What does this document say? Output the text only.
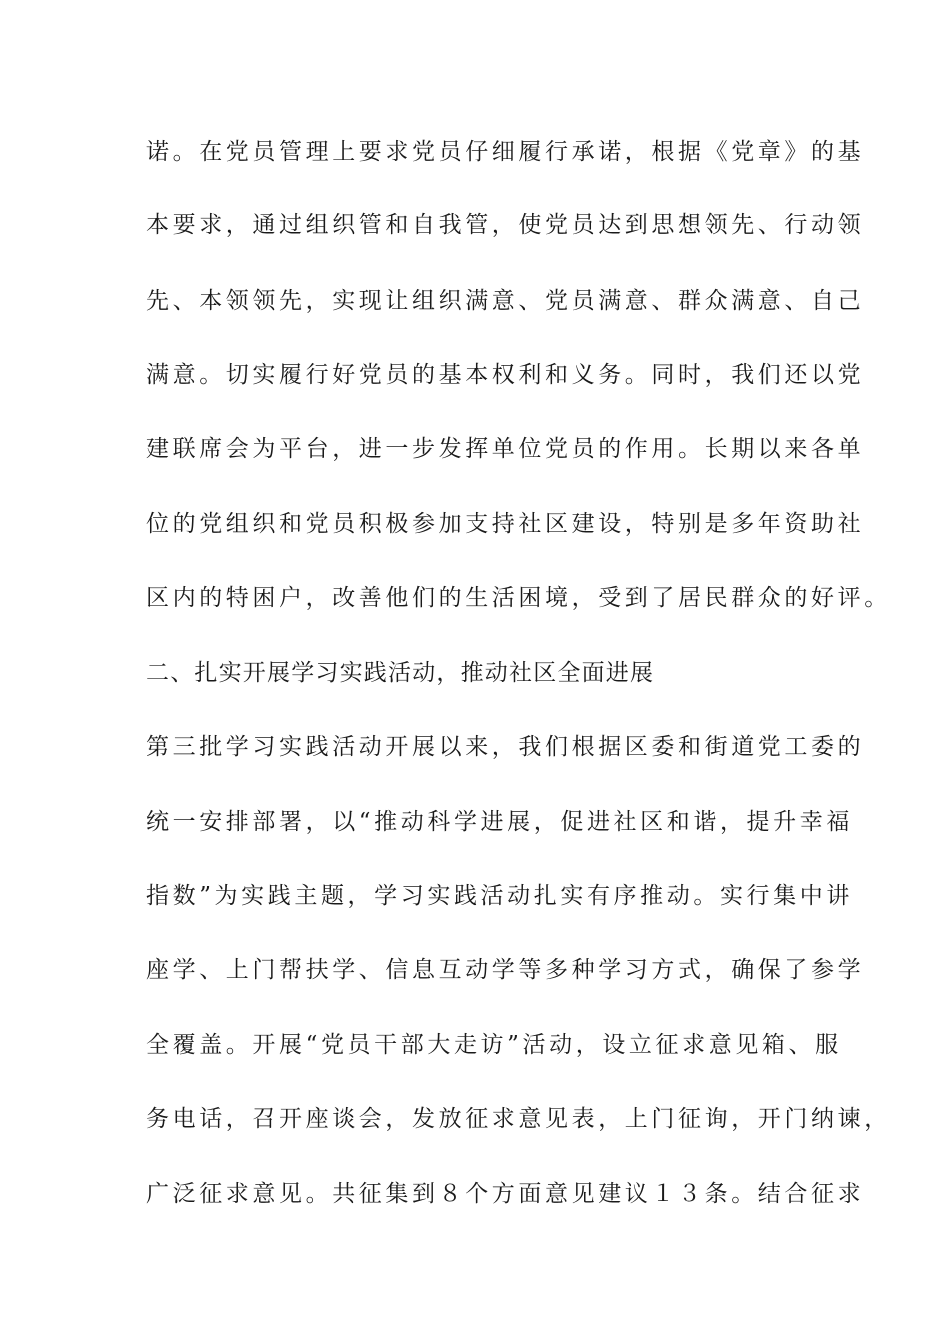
诺。在党员管理上要求党员仔细履行承诺，根据《党章》的基
本要求，通过组织管和自我管，使党员达到思想领先、行动领
先、本领领先，实现让组织满意、党员满意、群众满意、自己
满意。切实履行好党员的基本权利和义务。同时，我们还以党
建联席会为平台，进一步发挥单位党员的作用。长期以来各单
位的党组织和党员积极参加支持社区建设，特别是多年资助社
区内的特困户，改善他们的生活困境，受到了居民群众的好评。
二、扎实开展学习实践活动，推动社区全面进展
第三批学习实践活动开展以来，我们根据区委和街道党工委的
统一安排部署，以“推动科学进展，促进社区和谐，提升幸福
指数”为实践主题，学习实践活动扎实有序推动。实行集中讲
座学、上门帮扶学、信息互动学等多种学习方式，确保了参学
全覆盖。开展“党员干部大走访”活动，设立征求意见箱、服
务电话，召开座谈会，发放征求意见表，上门征询，开门纳谏，
广泛征求意见。共征集到８个方面意见建议１３条。结合征求
